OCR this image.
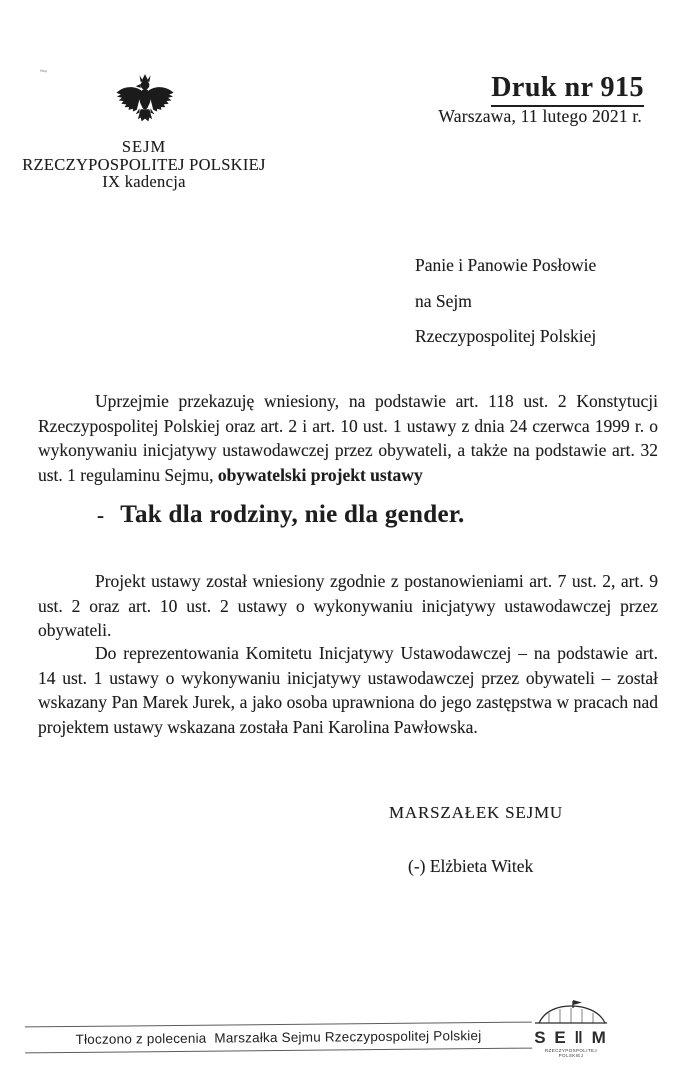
SEJM
RZECZYPOSPOLITEJ POLSKIEJ
IX kadencja
Druk nr 915
Warszawa, 11 lutego 2021 r.
Panie i Panowie Posłowie
na Sejm
Rzeczypospolitej Polskiej
Uprzejmie przekazuję wniesiony, na podstawie art. 118 ust. 2 Konstytucji Rzeczypospolitej Polskiej oraz art. 2 i art. 10 ust. 1 ustawy z dnia 24 czerwca 1999 r. o wykonywaniu inicjatywy ustawodawczej przez obywateli, a także na podstawie art. 32 ust. 1 regulaminu Sejmu, obywatelski projekt ustawy
- Tak dla rodziny, nie dla gender.
Projekt ustawy został wniesiony zgodnie z postanowieniami art. 7 ust. 2, art. 9 ust. 2 oraz art. 10 ust. 2 ustawy o wykonywaniu inicjatywy ustawodawczej przez obywateli.
Do reprezentowania Komitetu Inicjatywy Ustawodawczej – na podstawie art. 14 ust. 1 ustawy o wykonywaniu inicjatywy ustawodawczej przez obywateli – został wskazany Pan Marek Jurek, a jako osoba uprawniona do jego zastępstwa w pracach nad projektem ustawy wskazana została Pani Karolina Pawłowska.
MARSZAŁEK SEJMU
(-) Elżbieta Witek
Tłoczono z polecenia  Marszałka Sejmu Rzeczypospolitej Polskiej	S E ‖ M
RZECZYPOSPOLITEJ POLSKIEJ
